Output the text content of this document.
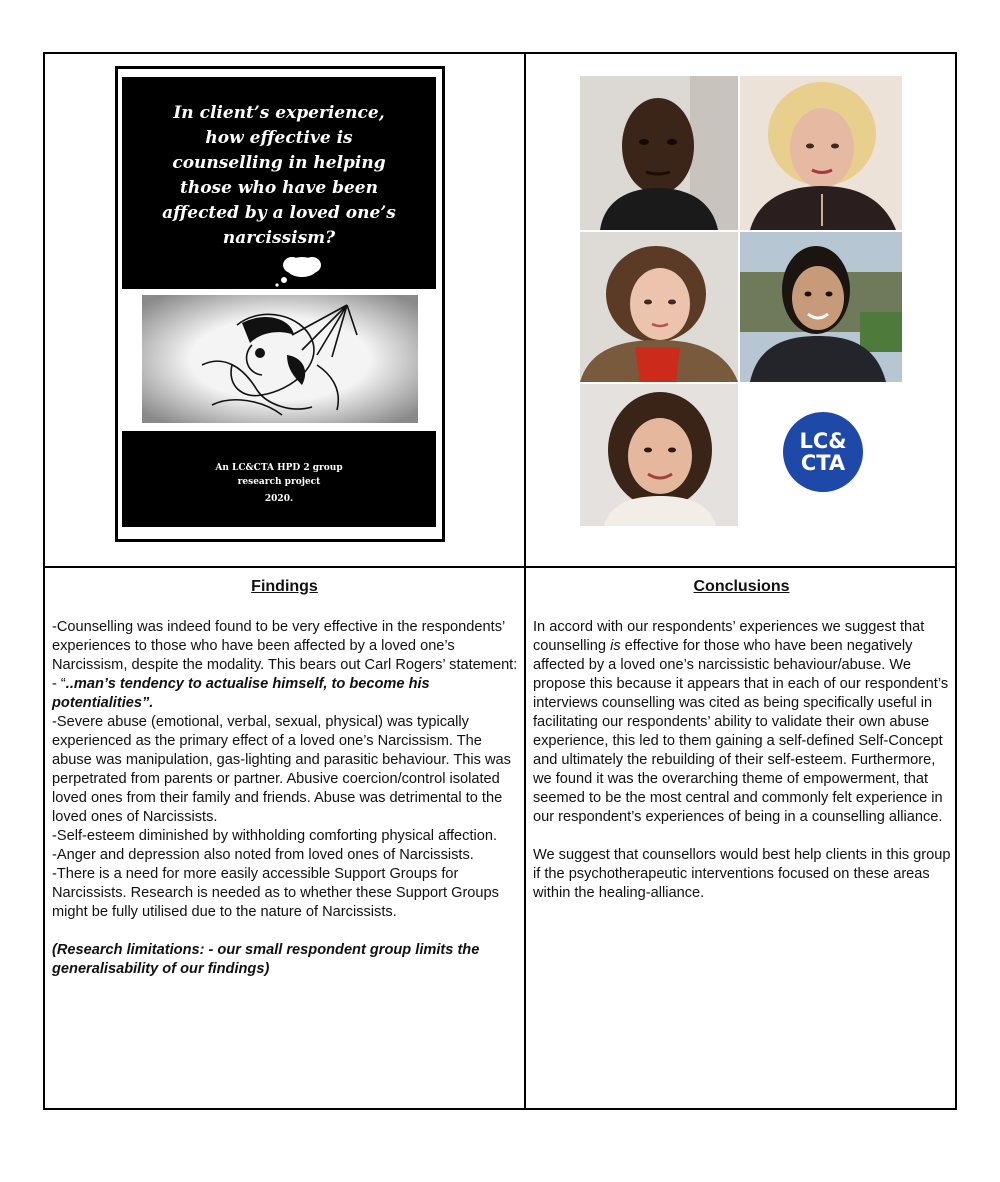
In client’s experience,
how effective is
counselling in helping
those who have been
affected by a loved one’s
narcissism?
An LC&CTA HPD 2 group
research project
2020.
LC&
CTA
Findings

-Counselling was indeed found to be very effective in the respondents’ experiences to those who have been affected by a loved one’s Narcissism, despite the modality. This bears out Carl Rogers’ statement: - “..man’s tendency to actualise himself, to become his potentialities”.

-Severe abuse (emotional, verbal, sexual, physical) was typically experienced as the primary effect of a loved one’s Narcissism. The abuse was manipulation, gas-lighting and parasitic behaviour. This was perpetrated from parents or partner. Abusive coercion/control isolated loved ones from their family and friends. Abuse was detrimental to the loved ones of Narcissists.

-Self-esteem diminished by withholding comforting physical affection.

-Anger and depression also noted from loved ones of Narcissists.

-There is a need for more easily accessible Support Groups for Narcissists. Research is needed as to whether these Support Groups might be fully utilised due to the nature of Narcissists.

(Research limitations: - our small respondent group limits the generalisability of our findings)

Conclusions

In accord with our respondents’ experiences we suggest that counselling is effective for those who have been negatively affected by a loved one’s narcissistic behaviour/abuse. We propose this because it appears that in each of our respondent’s interviews counselling was cited as being specifically useful in facilitating our respondents’ ability to validate their own abuse experience, this led to them gaining a self-defined Self-Concept and ultimately the rebuilding of their self-esteem. Furthermore, we found it was the overarching theme of empowerment, that seemed to be the most central and commonly felt experience in our respondent’s experiences of being in a counselling alliance.

We suggest that counsellors would best help clients in this group if the psychotherapeutic interventions focused on these areas within the healing-alliance.
